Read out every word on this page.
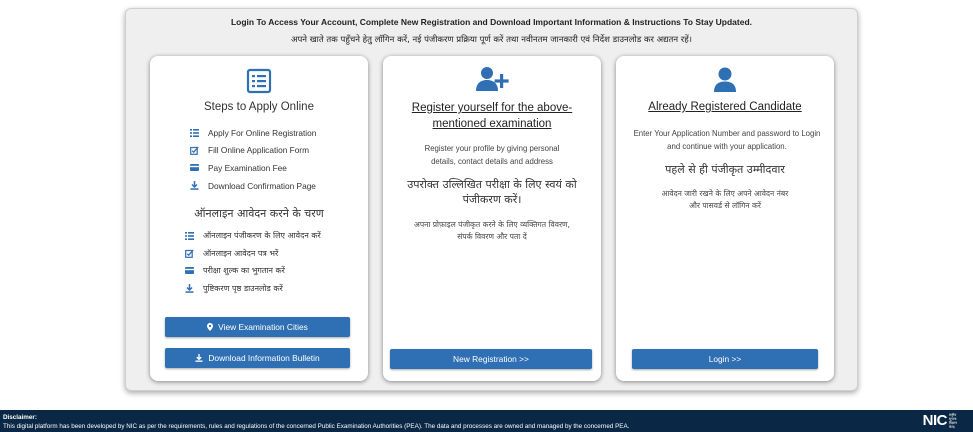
Login To Access Your Account, Complete New Registration and Download Important Information & Instructions To Stay Updated.
अपने खाते तक पहुँचने हेतु लॉगिन करें, नई पंजीकरण प्रक्रिया पूर्ण करें तथा नवीनतम जानकारी एवं निर्देश डाउनलोड कर अद्यतन रहें।
Steps to Apply Online
Apply For Online Registration
Fill Online Application Form
Pay Examination Fee
Download Confirmation Page
ऑनलाइन आवेदन करने के चरण
ऑनलाइन पंजीकरण के लिए आवेदन करें
ऑनलाइन आवेदन पत्र भरें
परीक्षा शुल्क का भुगतान करें
पुष्टिकरण पृष्ठ डाउनलोड करें
View Examination Cities
Download Information Bulletin
Register yourself for the above-
mentioned examination
Register your profile by giving personal details, contact details and address
उपरोक्त उल्लिखित परीक्षा के लिए स्वयं को पंजीकरण करें।
अपना प्रोफ़ाइल पंजीकृत करने के लिए व्यक्तिगत विवरण, संपर्क विवरण और पता दें
New Registration >>
Already Registered Candidate
Enter Your Application Number and password to Login and continue with your application.
पहले से ही पंजीकृत उम्मीदवार
आवेदन जारी रखने के लिए अपने आवेदन नंबर और पासवर्ड से लॉगिन करें
Login >>
Disclaimer:
This digital platform has been developed by NIC as per the requirements, rules and regulations of the concerned Public Examination Authorities (PEA). The data and processes are owned and managed by the concerned PEA.	NIC राष्ट्रीय सूचना विज्ञान केन्द्र
